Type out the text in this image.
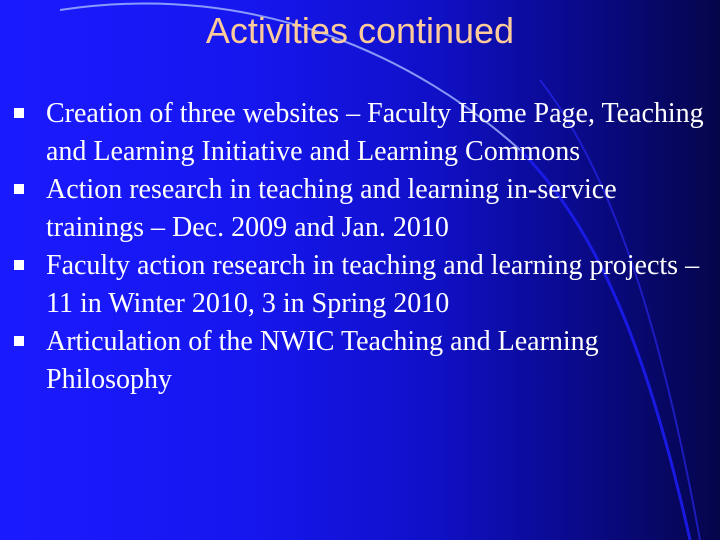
Activities continued
Creation of three websites – Faculty Home Page, Teaching and Learning Initiative and Learning Commons
Action research in teaching and learning in-service trainings – Dec. 2009 and Jan. 2010
Faculty action research in teaching and learning projects – 11 in Winter 2010, 3 in Spring 2010
Articulation of the NWIC Teaching and Learning Philosophy
